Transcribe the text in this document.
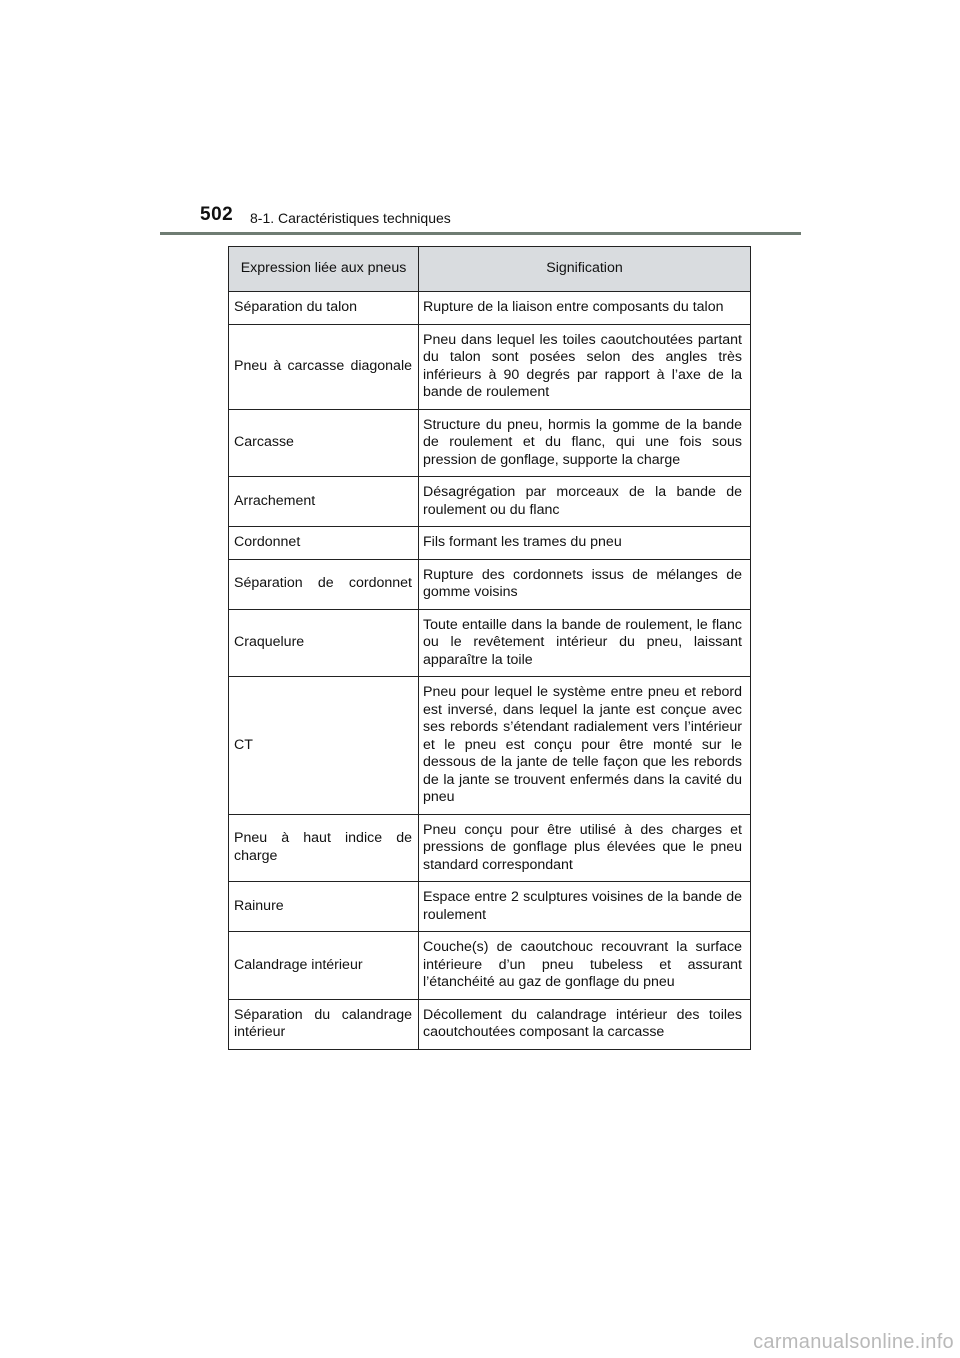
502 8-1. Caractéristiques techniques
Expression liée aux pneus	Signification
Séparation du talon	Rupture de la liaison entre composants du talon
Pneu à carcasse diagonale	Pneu dans lequel les toiles caoutchoutées partant du talon sont posées selon des angles très inférieurs à 90 degrés par rapport à l’axe de la bande de roulement
Carcasse	Structure du pneu, hormis la gomme de la bande de roulement et du flanc, qui une fois sous pression de gonflage, supporte la charge
Arrachement	Désagrégation par morceaux de la bande de roulement ou du flanc
Cordonnet	Fils formant les trames du pneu
Séparation de cordonnet	Rupture des cordonnets issus de mélanges de gomme voisins
Craquelure	Toute entaille dans la bande de roulement, le flanc ou le revêtement intérieur du pneu, laissant apparaître la toile
CT	Pneu pour lequel le système entre pneu et rebord est inversé, dans lequel la jante est conçue avec ses rebords s’étendant radialement vers l’intérieur et le pneu est conçu pour être monté sur le dessous de la jante de telle façon que les rebords de la jante se trouvent enfermés dans la cavité du pneu
Pneu à haut indice de charge	Pneu conçu pour être utilisé à des charges et pressions de gonflage plus élevées que le pneu standard correspondant
Rainure	Espace entre 2 sculptures voisines de la bande de roulement
Calandrage intérieur	Couche(s) de caoutchouc recouvrant la surface intérieure d’un pneu tubeless et assurant l’étanchéité au gaz de gonflage du pneu
Séparation du calandrage intérieur	Décollement du calandrage intérieur des toiles caoutchoutées composant la carcasse
carmanualsonline.info
